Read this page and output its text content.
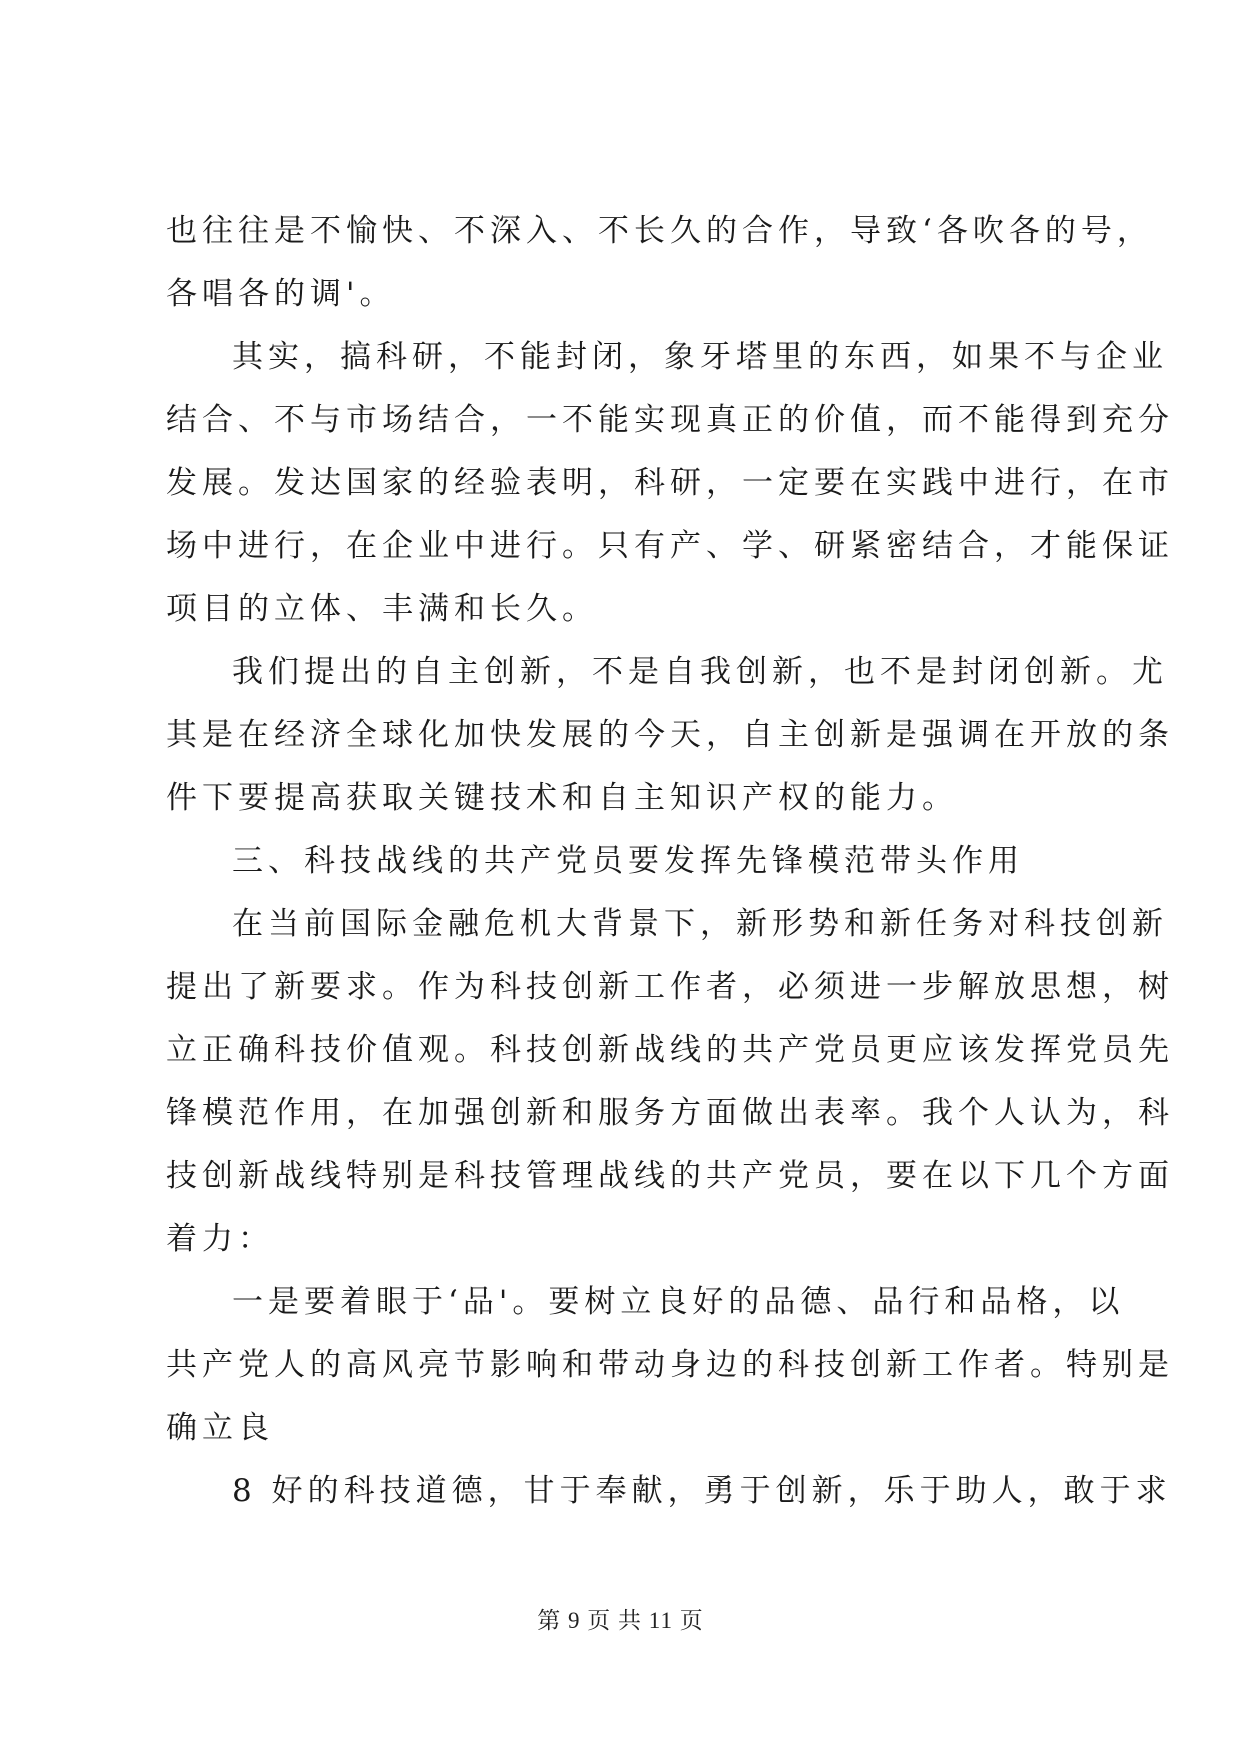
也往往是不愉快、不深入、不长久的合作，导致‘各吹各的号，
各唱各的调'。
其实，搞科研，不能封闭，象牙塔里的东西，如果不与企业
结合、不与市场结合，一不能实现真正的价值，而不能得到充分
发展。发达国家的经验表明，科研，一定要在实践中进行，在市
场中进行，在企业中进行。只有产、学、研紧密结合，才能保证
项目的立体、丰满和长久。
我们提出的自主创新，不是自我创新，也不是封闭创新。尤
其是在经济全球化加快发展的今天，自主创新是强调在开放的条
件下要提高获取关键技术和自主知识产权的能力。
三、科技战线的共产党员要发挥先锋模范带头作用
在当前国际金融危机大背景下，新形势和新任务对科技创新
提出了新要求。作为科技创新工作者，必须进一步解放思想，树
立正确科技价值观。科技创新战线的共产党员更应该发挥党员先
锋模范作用，在加强创新和服务方面做出表率。我个人认为，科
技创新战线特别是科技管理战线的共产党员，要在以下几个方面
着力：
一是要着眼于‘品'。要树立良好的品德、品行和品格，以
共产党人的高风亮节影响和带动身边的科技创新工作者。特别是
确立良
8 好的科技道德，甘于奉献，勇于创新，乐于助人，敢于求
第 9 页 共 11 页
